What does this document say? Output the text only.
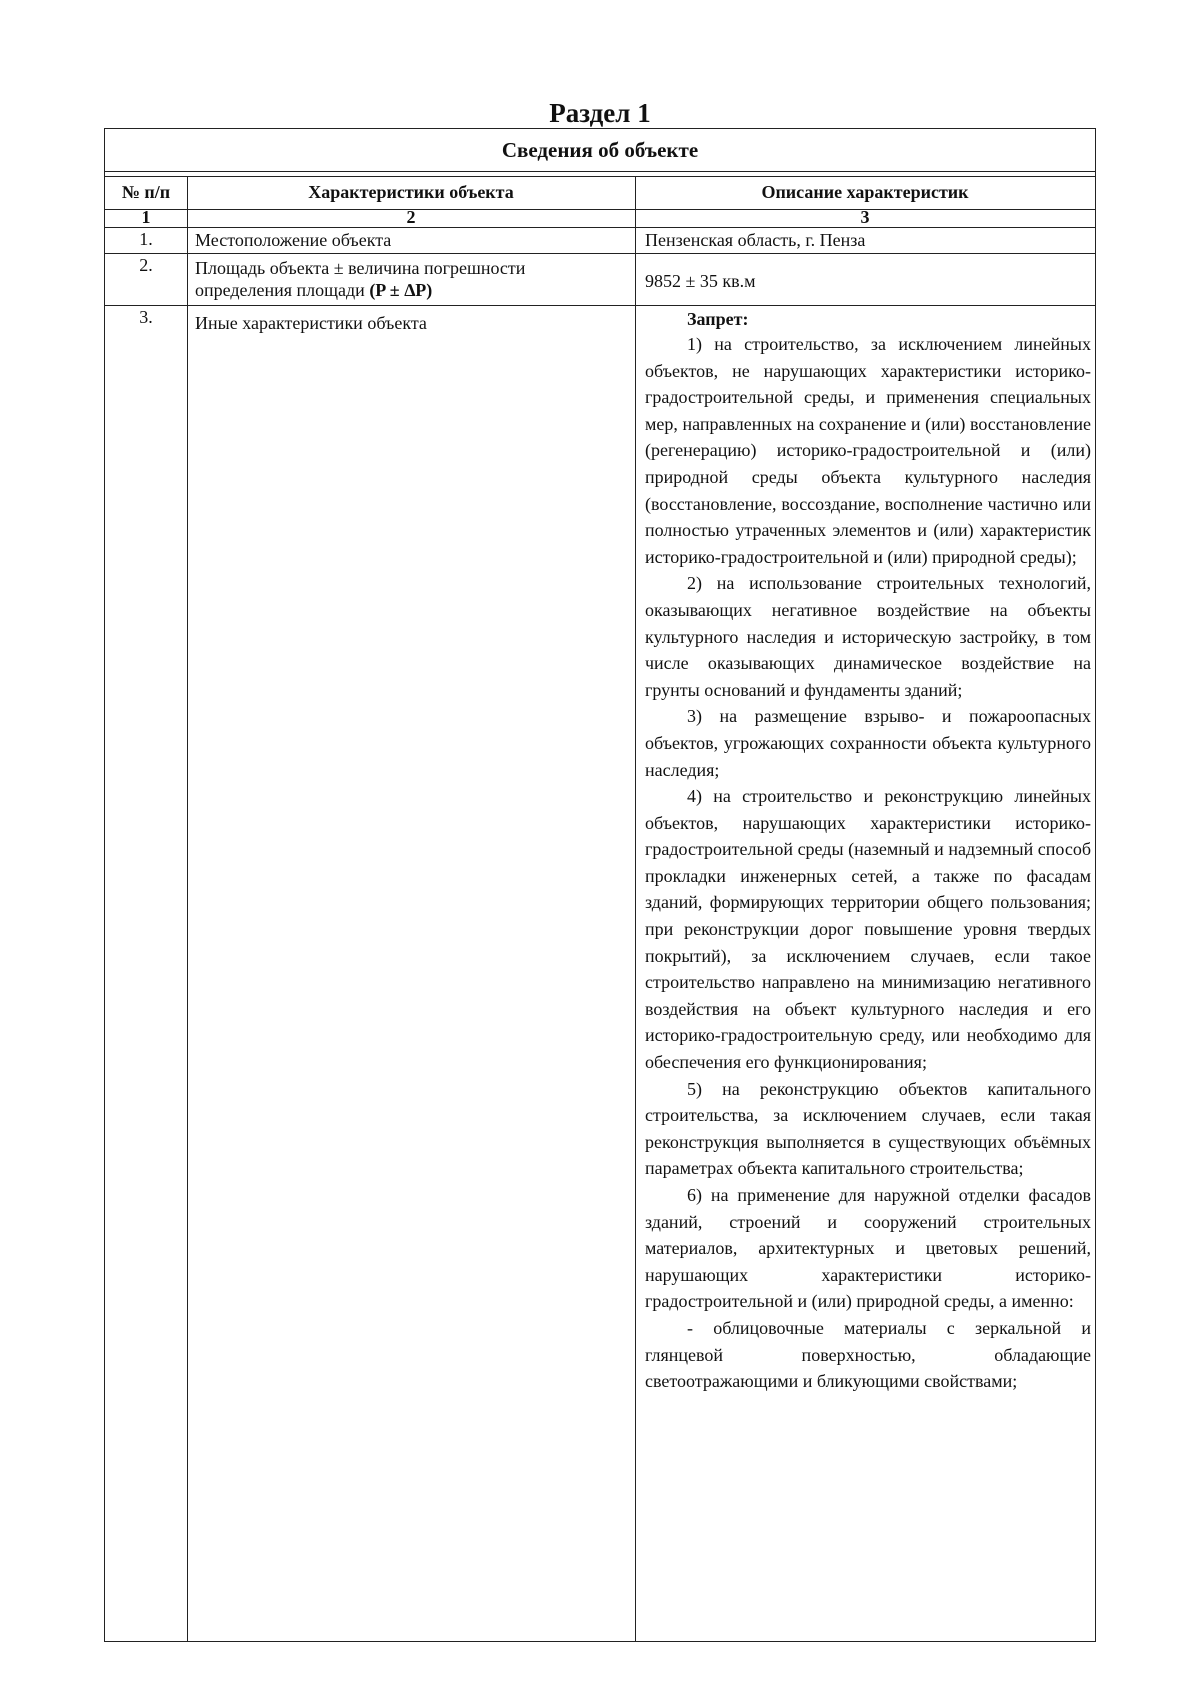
Раздел 1
Сведения об объекте
№ п/п	Характеристики объекта	Описание характеристик
1	2	3
1.	Местоположение объекта	Пензенская область, г. Пенза
2.	Площадь объекта ± величина погрешности
определения площади (P ± ∆P)	9852 ± 35 кв.м
3.	Иные характеристики объекта	Запрет:

1) на строительство, за исключением линейных объектов, не нарушающих характеристики историко-градостроительной среды, и применения специальных мер, направленных на сохранение и (или) восстановление (регенерацию) историко-градостроительной и (или) природной среды объекта культурного наследия (восстановление, воссоздание, восполнение частично или полностью утраченных элементов и (или) характеристик историко-градостроительной и (или) природной среды);

2) на использование строительных технологий, оказывающих негативное воздействие на объекты культурного наследия и историческую застройку, в том числе оказывающих динамическое воздействие на грунты оснований и фундаменты зданий;

3) на размещение взрыво- и пожароопасных объектов, угрожающих сохранности объекта культурного наследия;

4) на строительство и реконструкцию линейных объектов, нарушающих характеристики историко-градостроительной среды (наземный и надземный способ прокладки инженерных сетей, а также по фасадам зданий, формирующих территории общего пользования; при реконструкции дорог повышение уровня твердых покрытий), за исключением случаев, если такое строительство направлено на минимизацию негативного воздействия на объект культурного наследия и его историко-градостроительную среду, или необходимо для обеспечения его функционирования;

5) на реконструкцию объектов капитального строительства, за исключением случаев, если такая реконструкция выполняется в существующих объёмных параметрах объекта капитального строительства;

6) на применение для наружной отделки фасадов зданий, строений и сооружений строительных материалов, архитектурных и цветовых решений, нарушающих характеристики историко-градостроительной и (или) природной среды, а именно:

- облицовочные материалы с зеркальной и глянцевой поверхностью, обладающие светоотражающими и бликующими свойствами;
